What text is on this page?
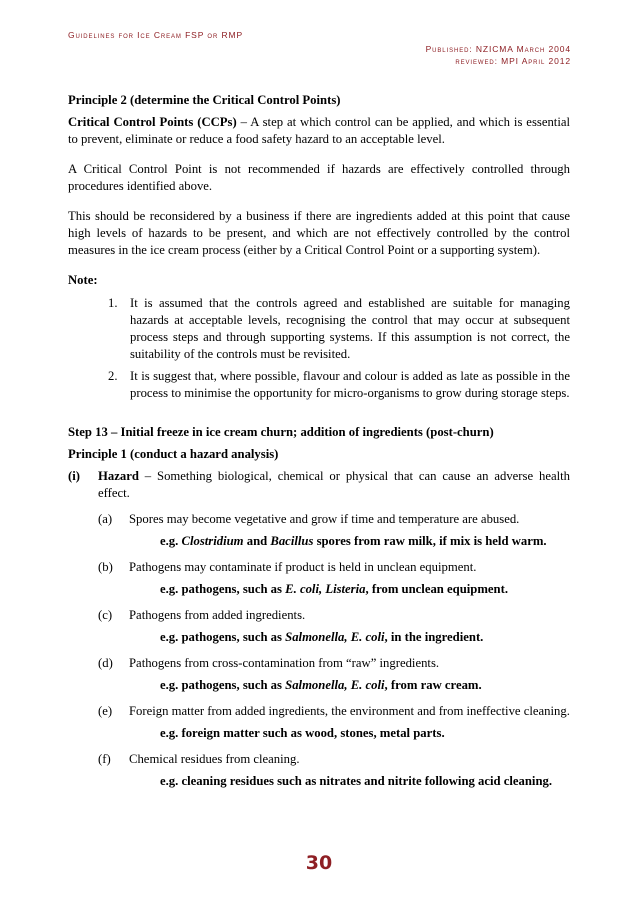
Guidelines for Ice Cream FSP or RMP
Published: NZICMA March 2004
reviewed: MPI April 2012

Principle 2 (determine the Critical Control Points)

Critical Control Points (CCPs) – A step at which control can be applied, and which is essential to prevent, eliminate or reduce a food safety hazard to an acceptable level.

A Critical Control Point is not recommended if hazards are effectively controlled through procedures identified above.

This should be reconsidered by a business if there are ingredients added at this point that cause high levels of hazards to be present, and which are not effectively controlled by the control measures in the ice cream process (either by a Critical Control Point or a supporting system).

Note:

1. It is assumed that the controls agreed and established are suitable for managing hazards at acceptable levels, recognising the control that may occur at subsequent process steps and through supporting systems. If this assumption is not correct, the suitability of the controls must be revisited.
2. It is suggest that, where possible, flavour and colour is added as late as possible in the process to minimise the opportunity for micro-organisms to grow during storage steps.

Step 13 – Initial freeze in ice cream churn; addition of ingredients (post-churn)

Principle 1 (conduct a hazard analysis)

(i) Hazard – Something biological, chemical or physical that can cause an adverse health effect.
(a) Spores may become vegetative and grow if time and temperature are abused.
e.g. Clostridium and Bacillus spores from raw milk, if mix is held warm.
(b) Pathogens may contaminate if product is held in unclean equipment.
e.g. pathogens, such as E. coli, Listeria, from unclean equipment.
(c) Pathogens from added ingredients.
e.g. pathogens, such as Salmonella, E. coli, in the ingredient.
(d) Pathogens from cross-contamination from “raw” ingredients.
e.g. pathogens, such as Salmonella, E. coli, from raw cream.
(e) Foreign matter from added ingredients, the environment and from ineffective cleaning.
e.g. foreign matter such as wood, stones, metal parts.
(f) Chemical residues from cleaning.
e.g. cleaning residues such as nitrates and nitrite following acid cleaning.
30
